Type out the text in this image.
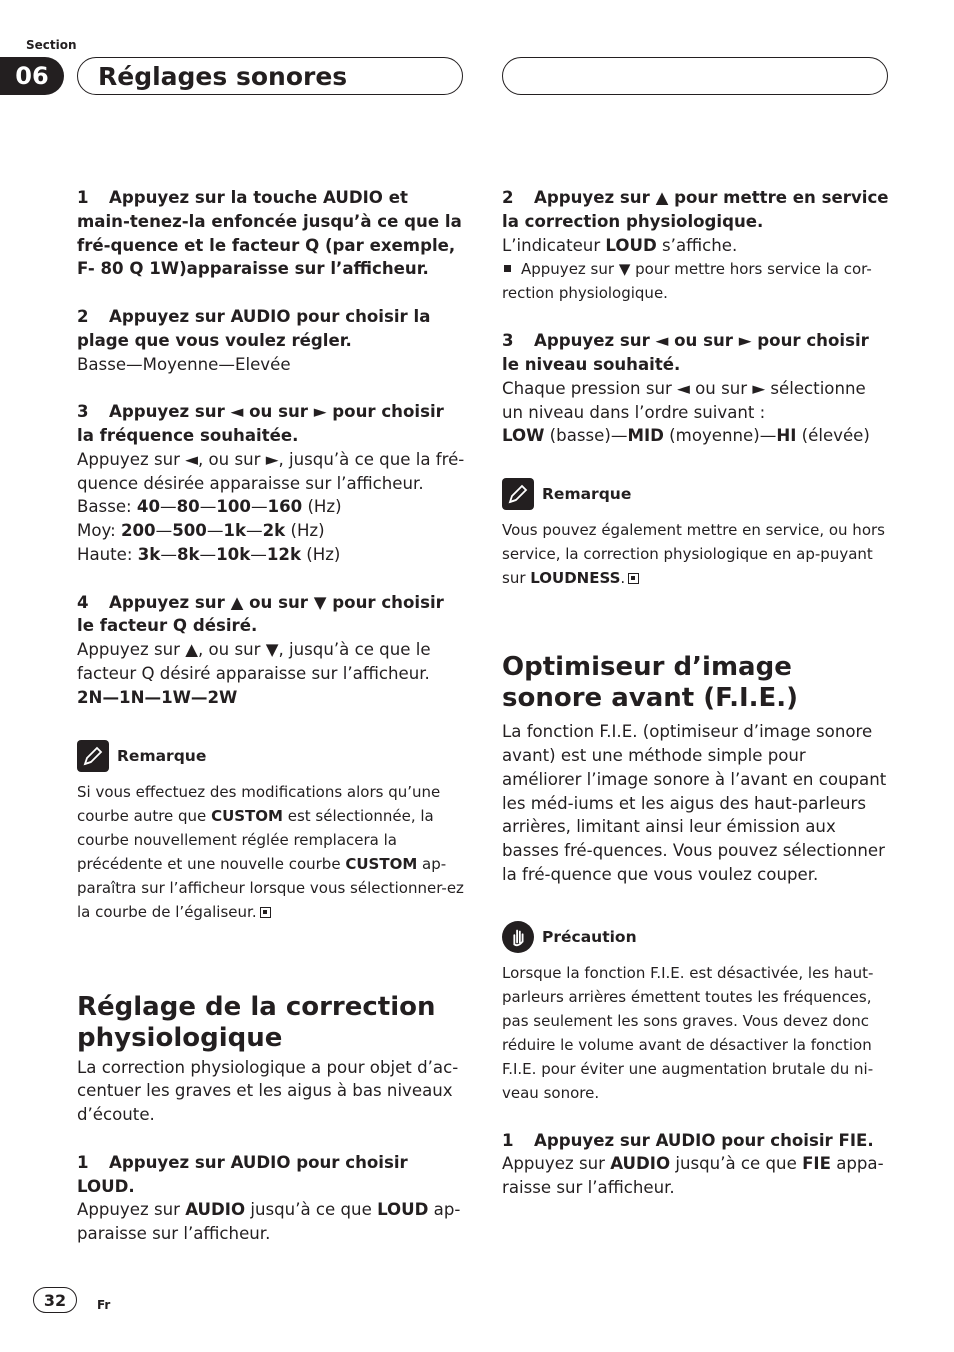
Section
06	Réglages sonores

1 Appuyez sur la touche AUDIO et main-tenez-la enfoncée jusqu’à ce que la fré-quence et le facteur Q (par exemple, F- 80 Q 1W)apparaisse sur l’afficheur.

2 Appuyez sur AUDIO pour choisir la plage que vous voulez régler.

Basse—Moyenne—Elevée

3 Appuyez sur ◄ ou sur ► pour choisir la fréquence souhaitée.

Appuyez sur ◄, ou sur ►, jusqu’à ce que la fré-quence désirée apparaisse sur l’afficheur.

Basse: 40—80—100—160 (Hz)

Moy: 200—500—1k—2k (Hz)

Haute: 3k—8k—10k—12k (Hz)

4 Appuyez sur ▲ ou sur ▼ pour choisir le facteur Q désiré.

Appuyez sur ▲, ou sur ▼, jusqu’à ce que le facteur Q désiré apparaisse sur l’afficheur.

2N—1N—1W—2W

Remarque

Si vous effectuez des modifications alors qu’une courbe autre que CUSTOM est sélectionnée, la courbe nouvellement réglée remplacera la précédente et une nouvelle courbe CUSTOM ap-paraîtra sur l’afficheur lorsque vous sélectionner-ez la courbe de l’égaliseur.

Réglage de la correction physiologique

La correction physiologique a pour objet d’ac-centuer les graves et les aigus à bas niveaux d’écoute.

1 Appuyez sur AUDIO pour choisir LOUD.

Appuyez sur AUDIO jusqu’à ce que LOUD ap-paraisse sur l’afficheur.

2 Appuyez sur ▲ pour mettre en service la correction physiologique.

L’indicateur LOUD s’affiche.

Appuyez sur ▼ pour mettre hors service la cor-rection physiologique.

3 Appuyez sur ◄ ou sur ► pour choisir le niveau souhaité.

Chaque pression sur ◄ ou sur ► sélectionne un niveau dans l’ordre suivant :

LOW (basse)—MID (moyenne)—HI (élevée)

Remarque

Vous pouvez également mettre en service, ou hors service, la correction physiologique en ap-puyant sur LOUDNESS.

Optimiseur d’image sonore avant (F.I.E.)

La fonction F.I.E. (optimiseur d’image sonore avant) est une méthode simple pour améliorer l’image sonore à l’avant en coupant les méd-iums et les aigus des haut-parleurs arrières, limitant ainsi leur émission aux basses fré-quences. Vous pouvez sélectionner la fré-quence que vous voulez couper.

Précaution

Lorsque la fonction F.I.E. est désactivée, les haut-parleurs arrières émettent toutes les fréquences, pas seulement les sons graves. Vous devez donc réduire le volume avant de désactiver la fonction F.I.E. pour éviter une augmentation brutale du ni-veau sonore.

1 Appuyez sur AUDIO pour choisir FIE.

Appuyez sur AUDIO jusqu’à ce que FIE appa-raisse sur l’afficheur.

32	Fr
